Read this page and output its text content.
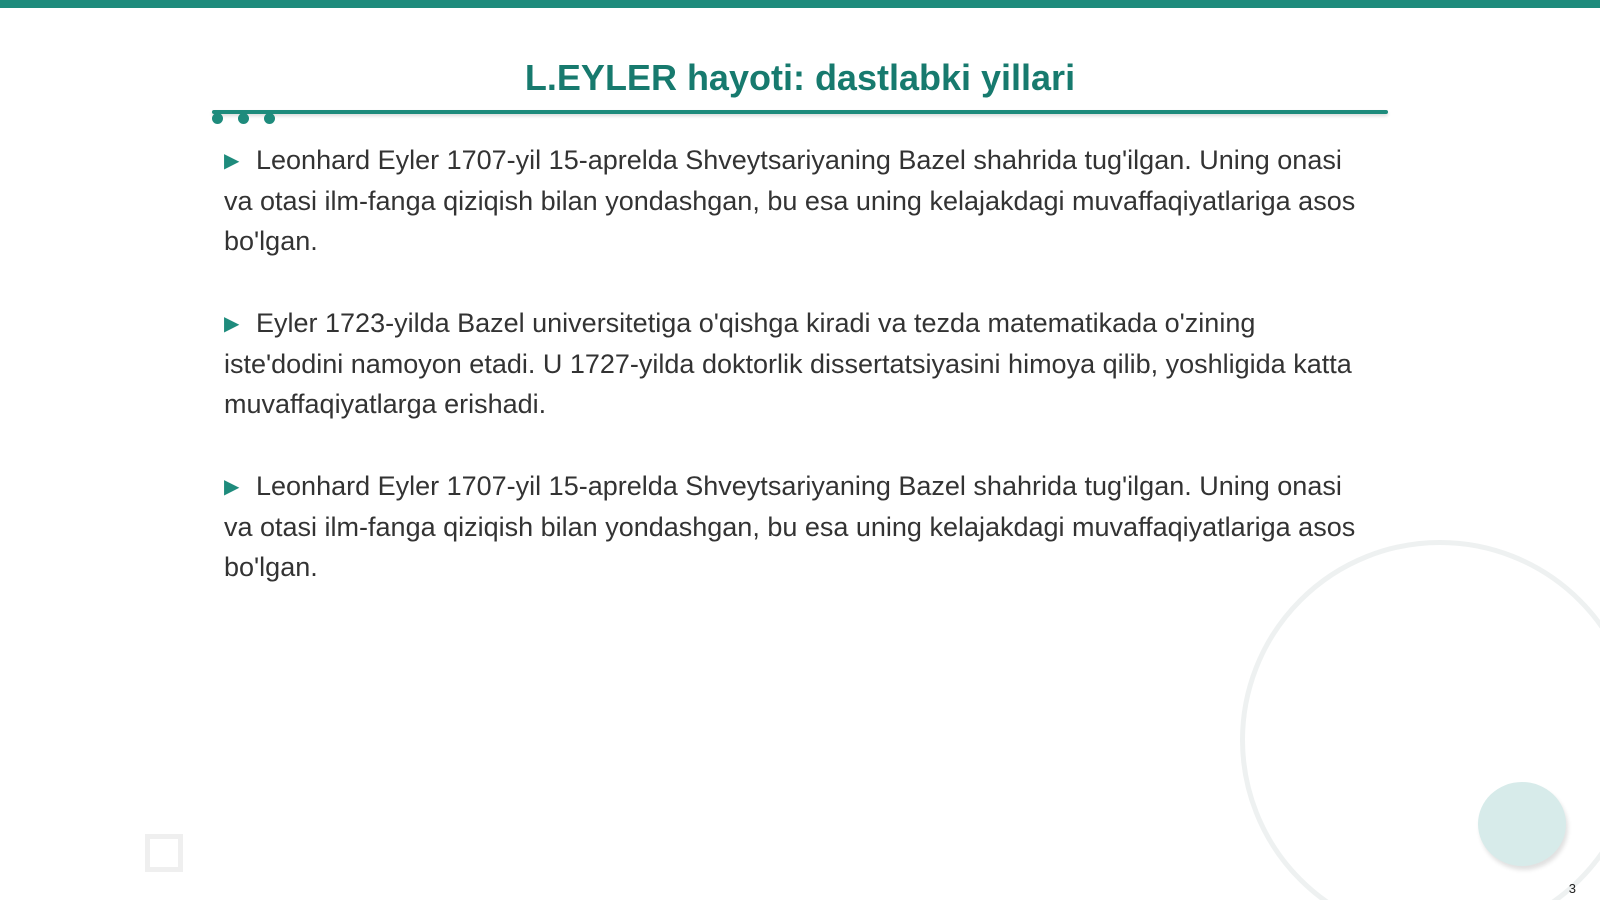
L.EYLER hayoti: dastlabki yillari

▶ Leonhard Eyler 1707-yil 15-aprelda Shveytsariyaning Bazel shahrida tug'ilgan. Uning onasi va otasi ilm-fanga qiziqish bilan yondashgan, bu esa uning kelajakdagi muvaffaqiyatlariga asos bo'lgan.

▶ Eyler 1723-yilda Bazel universitetiga o'qishga kiradi va tezda matematikada o'zining iste'dodini namoyon etadi. U 1727-yilda doktorlik dissertatsiyasini himoya qilib, yoshligida katta muvaffaqiyatlarga erishadi.

▶ Leonhard Eyler 1707-yil 15-aprelda Shveytsariyaning Bazel shahrida tug'ilgan. Uning onasi va otasi ilm-fanga qiziqish bilan yondashgan, bu esa uning kelajakdagi muvaffaqiyatlariga asos bo'lgan.

3
